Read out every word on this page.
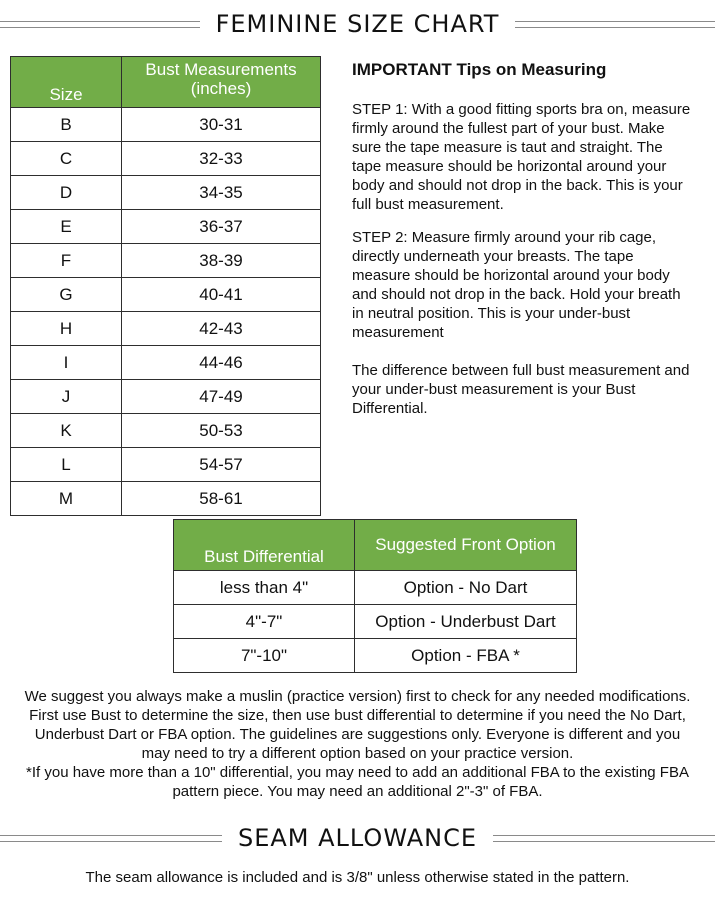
FEMININE SIZE CHART
Size	Bust Measurements (inches)
B	30-31
C	32-33
D	34-35
E	36-37
F	38-39
G	40-41
H	42-43
I	44-46
J	47-49
K	50-53
L	54-57
M	58-61
IMPORTANT Tips on Measuring

STEP 1: With a good fitting sports bra on, measure firmly around the fullest part of your bust. Make sure the tape measure is taut and straight. The tape measure should be horizontal around your body and should not drop in the back. This is your full bust measurement.

STEP 2: Measure firmly around your rib cage, directly underneath your breasts. The tape measure should be horizontal around your body and should not drop in the back. Hold your breath in neutral position. This is your under-bust measurement

The difference between full bust measurement and your under-bust measurement is your Bust Differential.

Bust Differential	Suggested Front Option
less than 4"	Option - No Dart
4"-7"	Option - Underbust Dart
7"-10"	Option - FBA *

We suggest you always make a muslin (practice version) first to check for any needed modifications. First use Bust to determine the size, then use bust differential to determine if you need the No Dart, Underbust Dart or FBA option. The guidelines are suggestions only. Everyone is different and you may need to try a different option based on your practice version.

*If you have more than a 10" differential, you may need to add an additional FBA to the existing FBA pattern piece. You may need an additional 2"-3" of FBA.

SEAM ALLOWANCE
The seam allowance is included and is 3/8" unless otherwise stated in the pattern.
